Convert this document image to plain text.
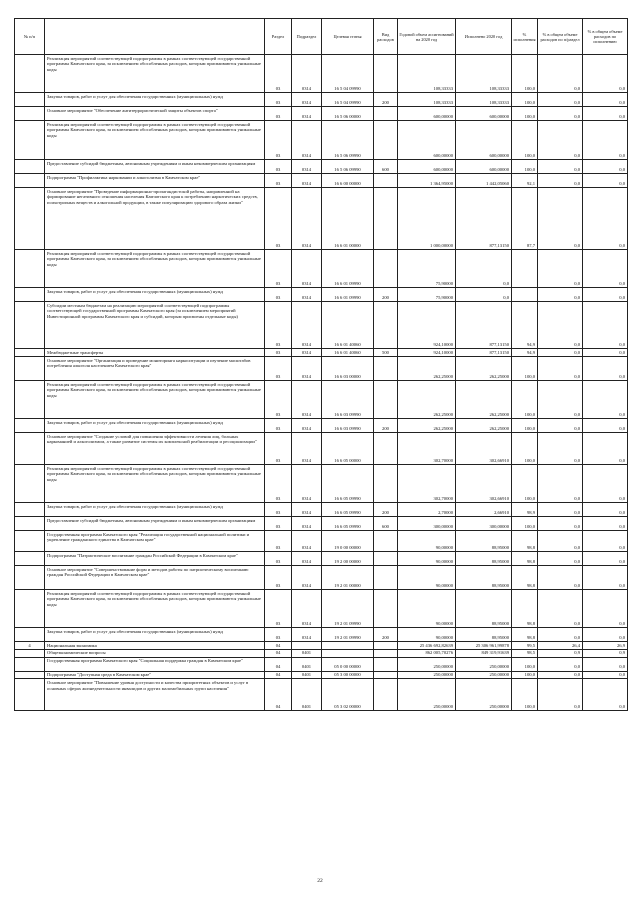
№ п/п		Раздел	Подраздел	Целевая статья	Вид расходов	Годовой объем ассигнований на 2020 год	Исполнено 2020 год	% исполнения	% в общем объеме расходов по п/раздел	% в общем объеме расходов по исполнению
	Реализация мероприятий соответствующей подпрограммы в рамках соответствующей государственной программы Камчатского края, за исключением обособленных расходов, которым присваиваются уникальные коды	03	0314	16 5 04 09990		108,33333	108,33333	100,0	0,0	0,0
	Закупка товаров, работ и услуг для обеспечения государственных (муниципальных) нужд	03	0314	16 5 04 09990	200	108,33333	108,33333	100,0	0,0	0,0
	Основное мероприятие "Обеспечение антитеррористической защиты объектов спорта"	03	0314	16 5 06 00000		600,00000	600,00000	100,0	0,0	0,0
	Реализация мероприятий соответствующей подпрограммы в рамках соответствующей государственной программы Камчатского края, за исключением обособленных расходов, которым присваиваются уникальные коды	03	0314	16 5 06 09990		600,00000	600,00000	100,0	0,0	0,0
	Предоставление субсидий бюджетным, автономным учреждениям и иным некоммерческим организациям	03	0314	16 5 06 09990	600	600,00000	600,00000	100,0	0,0	0,0
	Подпрограмма "Профилактика наркомании и алкоголизма в Камчатском крае"	03	0314	16 6 00 00000		1 364,95000	1 442,05060	92,1	0,0	0,0
	Основное мероприятие "Проведение информационно-пропагандистской работы, направленной на формирование негативного отношения населения Камчатского края к потреблению наркотических средств, психотропных веществ и алкогольной продукции, в также популяризацию здорового образа жизни"	03	0314	16 6 01 00000		1 000,00000	877,13150	87,7	0,0	0,0
	Реализация мероприятий соответствующей подпрограммы в рамках соответствующей государственной программы Камчатского края, за исключением обособленных расходов, которым присваиваются уникальные коды	03	0314	16 6 01 09990		75,90000	0,0		0,0	0,0
	Закупка товаров, работ и услуг для обеспечения государственных (муниципальных) нужд	03	0314	16 6 01 09990	200	75,90000	0,0		0,0	0,0
	Субсидии местным бюджетам на реализацию мероприятий соответствующей подпрограммы соответствующей государственной программы Камчатского края (за исключением мероприятий Инвестиционной программы Камчатского края и субсидий, которым присвоены отдельные коды)	03	0314	16 6 01 40060		924,10000	877,13150	94,9	0,0	0,0
	Межбюджетные трансферты	03	0314	16 6 01 40060	500	924,10000	877,13150	94,9	0,0	0,0
	Основное мероприятие "Организация и проведение мониторинга наркоситуации и изучение масштабов потребления алкоголя населением Камчатского края"	03	0314	16 6 03 00000		262,25000	262,25000	100,0	0,0	0,0
	Реализация мероприятий соответствующей подпрограммы в рамках соответствующей государственной программы Камчатского края, за исключением обособленных расходов, которым присваиваются уникальные коды	03	0314	16 6 03 09990		262,25000	262,25000	100,0	0,0	0,0
	Закупка товаров, работ и услуг для обеспечения государственных (муниципальных) нужд	03	0314	16 6 03 09990	200	262,25000	262,25000	100,0	0,0	0,0
	Основное мероприятие "Создание условий для повышения эффективности лечения лиц, больных наркоманией и алкоголизмом, а также развитие системы их комплексной реабилитации и ресоциализации"	03	0314	16 6 05 00000		302,70000	302,66910	100,0	0,0	0,0
	Реализация мероприятий соответствующей подпрограммы в рамках соответствующей государственной программы Камчатского края, за исключением обособленных расходов, которым присваиваются уникальные коды	03	0314	16 6 05 09990		302,70000	302,66910	100,0	0,0	0,0
	Закупка товаров, работ и услуг для обеспечения государственных (муниципальных) нужд	03	0314	16 6 05 09990	200	2,70000	2,66910	98,9	0,0	0,0
	Предоставление субсидий бюджетным, автономным учреждениям и иным некоммерческим организациям	03	0314	16 6 05 09990	600	300,00000	300,00000	100,0	0,0	0,0
	Государственная программа Камчатского края "Реализация государственной национальной политики и укрепление гражданского единства в Камчатском крае"	03	0314	19 0 00 00000		90,00000	88,95000	98,8	0,0	0,0
	Подпрограмма "Патриотическое воспитание граждан Российской Федерации в Камчатском крае"	03	0314	19 2 00 00000		90,00000	88,95000	98,8	0,0	0,0
	Основное мероприятие "Совершенствование форм и методов работы по патриотическому воспитанию граждан Российской Федерации в Камчатском крае"	03	0314	19 2 01 00000		90,00000	88,95000	98,8	0,0	0,0
	Реализация мероприятий соответствующей подпрограммы в рамках соответствующей государственной программы Камчатского края, за исключением обособленных расходов, которым присваиваются уникальные коды	03	0314	19 2 01 09990		90,00000	88,95000	98,8	0,0	0,0
	Закупка товаров, работ и услуг для обеспечения государственных (муниципальных) нужд	03	0314	19 2 01 09990	200	90,00000	88,95000	98,8	0,0	0,0
4	Национальная экономика	04				25 436 692,82639	25 306 961,99878	99,5	26,4	26,9
	Общеэкономические вопросы	04	0401			862 005,70276	849 319,91639	98,5	0,9	0,9
	Государственная программа Камчатского края "Социальная поддержка граждан в Камчатском крае"	04	0401	05 0 00 00000		250,00000	250,00000	100,0	0,0	0,0
	Подпрограмма "Доступная среда в Камчатском крае"	04	0401	05 3 00 00000		250,00000	250,00000	100,0	0,0	0,0
	Основное мероприятие "Повышение уровня доступности и качества приоритетных объектов и услуг в основных сферах жизнедеятельности инвалидов и других маломобильных групп населения"	04	0401	05 3 02 00000		250,00000	250,00000	100,0	0,0	0,0
22
